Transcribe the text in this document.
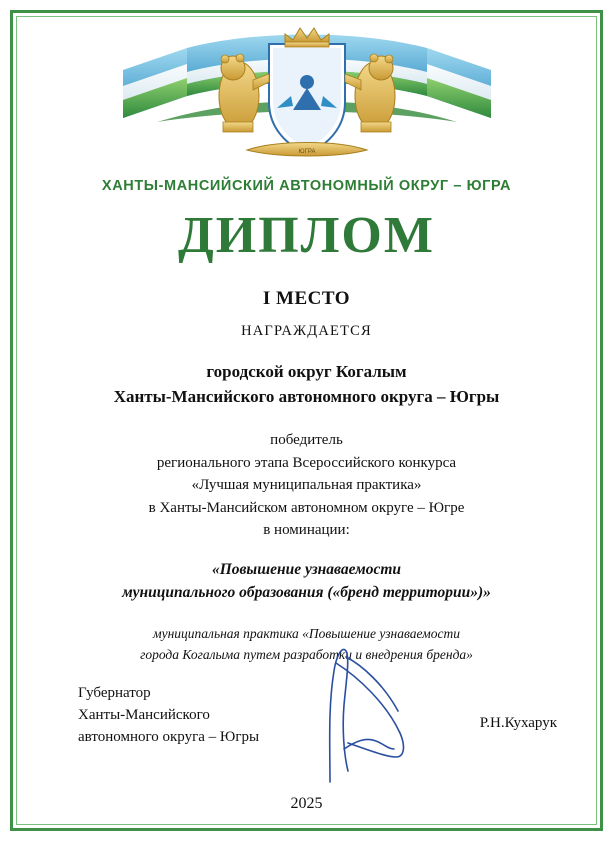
ЮГРА
ХАНТЫ-МАНСИЙСКИЙ АВТОНОМНЫЙ ОКРУГ – ЮГРА
ДИПЛОМ
I МЕСТО
НАГРАЖДАЕТСЯ
городской округ Когалым
Ханты-Мансийского автономного округа – Югры
победитель
регионального этапа Всероссийского конкурса
«Лучшая муниципальная практика»
в Ханты-Мансийском автономном округе – Югре
в номинации:
«Повышение узнаваемости
муниципального образования («бренд территории»)»
муниципальная практика «Повышение узнаваемости
города Когалыма путем разработки и внедрения бренда»
Губернатор
Ханты-Мансийского
автономного округа – Югры
Р.Н.Кухарук
2025
